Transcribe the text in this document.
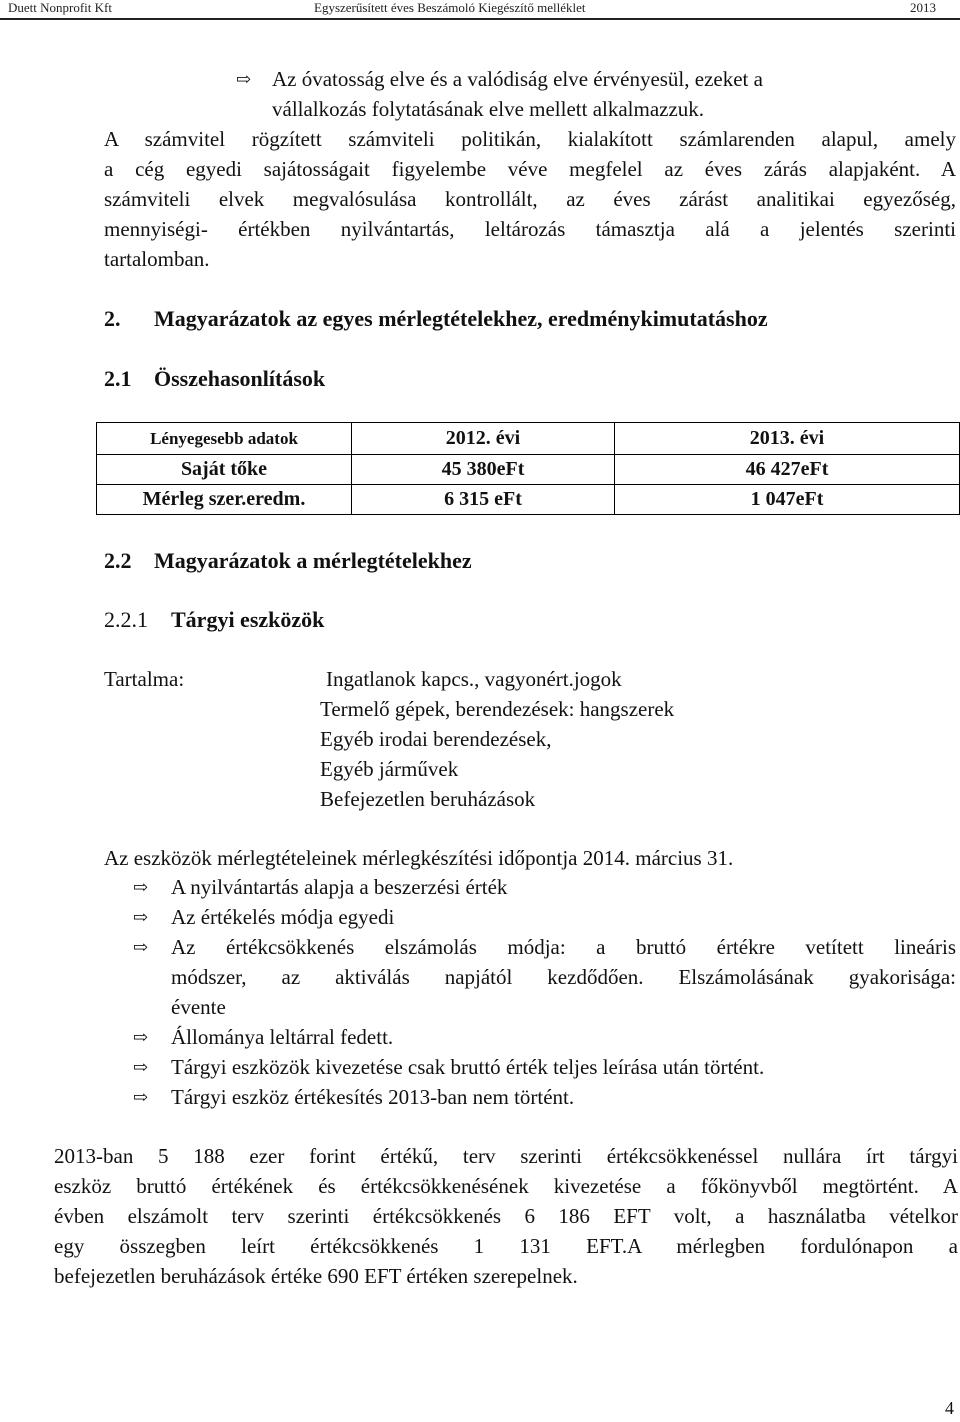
Duett Nonprofit Kft	Egyszerűsített éves Beszámoló Kiegészítő melléklet	2013
⇨ Az óvatosság elve és a valódiság elve érvényesül, ezeket a
vállalkozás folytatásának elve mellett alkalmazzuk.
A számvitel rögzített számviteli politikán, kialakított számlarenden alapul, amely
a cég egyedi sajátosságait figyelembe véve megfelel az éves zárás alapjaként. A
számviteli elvek megvalósulása kontrollált, az éves zárást analitikai egyezőség,
mennyiségi- értékben nyilvántartás, leltározás támasztja alá a jelentés szerinti
tartalomban.
2. Magyarázatok az egyes mérlegtételekhez, eredménykimutatáshoz
2.1 Összehasonlítások
Lényegesebb adatok	2012. évi	2013. évi
Saját tőke	45 380eFt	46 427eFt
Mérleg szer.eredm.	6 315 eFt	1 047eFt
2.2 Magyarázatok a mérlegtételekhez
2.2.1 Tárgyi eszközök
Tartalma:	Ingatlanok kapcs., vagyonért.jogok
Termelő gépek, berendezések: hangszerek
Egyéb irodai berendezések,
Egyéb járművek
Befejezetlen beruházások
Az eszközök mérlegtételeinek mérlegkészítési időpontja 2014. március 31.
⇨ A nyilvántartás alapja a beszerzési érték
⇨ Az értékelés módja egyedi
⇨ Az értékcsökkenés elszámolás módja: a bruttó értékre vetített lineáris
módszer, az aktiválás napjától kezdődően. Elszámolásának gyakorisága:
évente
⇨ Állománya leltárral fedett.
⇨ Tárgyi eszközök kivezetése csak bruttó érték teljes leírása után történt.
⇨ Tárgyi eszköz értékesítés 2013-ban nem történt.
2013-ban 5 188 ezer forint értékű, terv szerinti értékcsökkenéssel nullára írt tárgyi
eszköz bruttó értékének és értékcsökkenésének kivezetése a főkönyvből megtörtént. A
évben elszámolt terv szerinti értékcsökkenés 6 186 EFT volt, a használatba vételkor
egy összegben leírt értékcsökkenés 1 131 EFT.A mérlegben fordulónapon a
befejezetlen beruházások értéke 690 EFT értéken szerepelnek.
4
